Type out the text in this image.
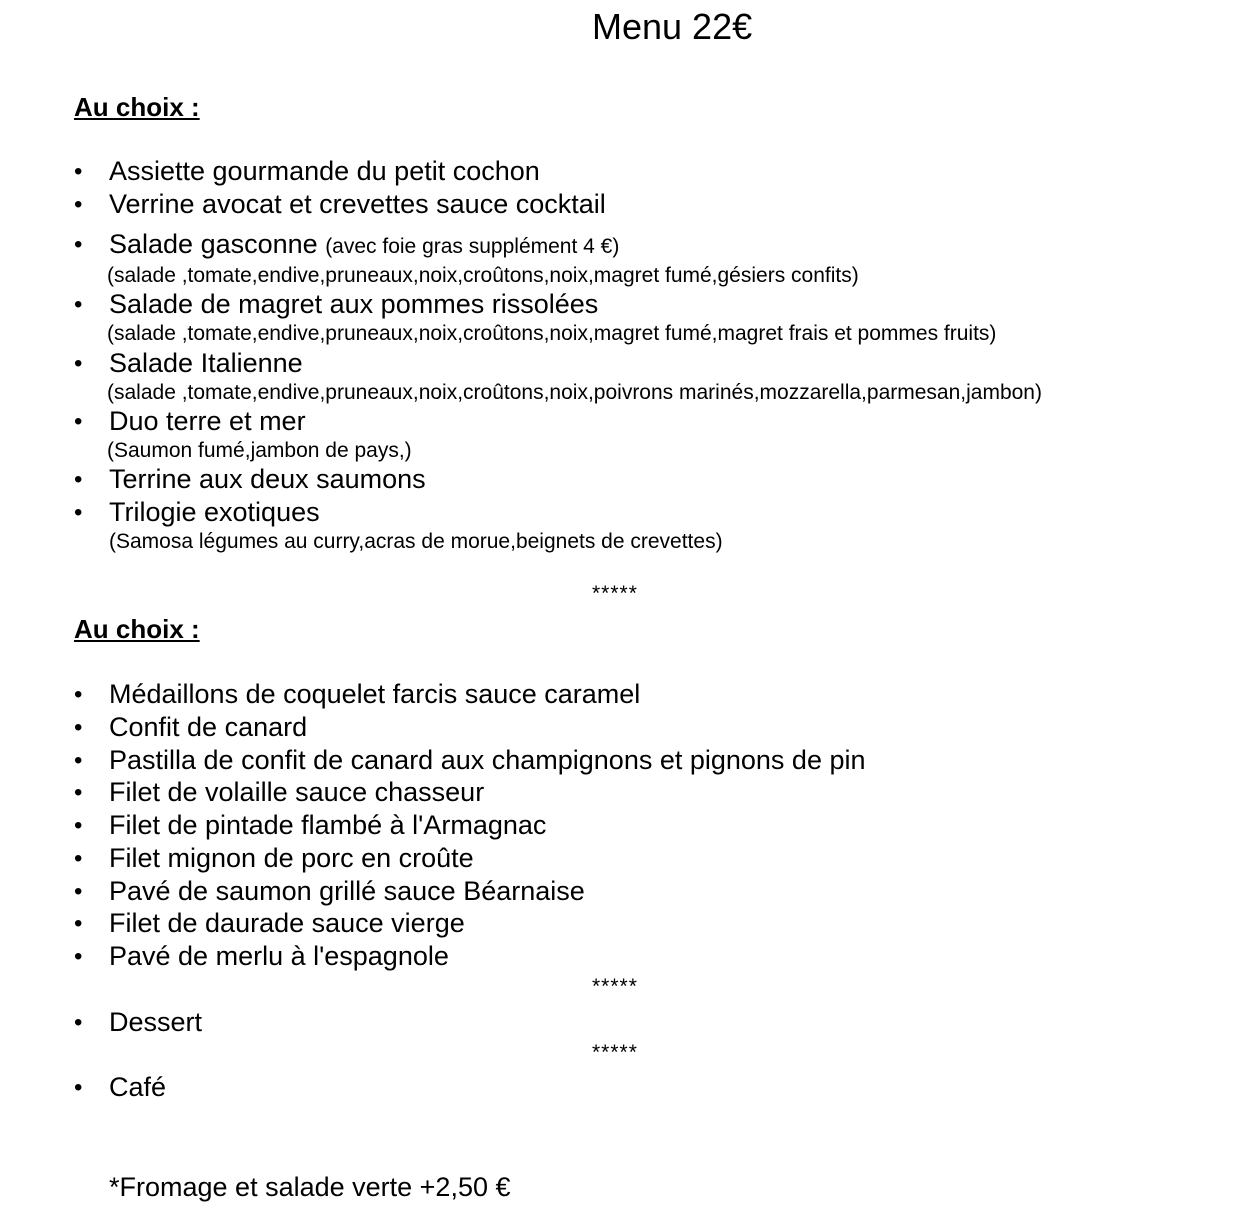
Menu 22€
Au choix :
• Assiette gourmande du petit cochon
• Verrine avocat et crevettes sauce cocktail
• Salade gasconne (avec foie gras supplément 4 €)
(salade ,tomate,endive,pruneaux,noix,croûtons,noix,magret fumé,gésiers confits)
• Salade de magret aux pommes rissolées
(salade ,tomate,endive,pruneaux,noix,croûtons,noix,magret fumé,magret frais et pommes fruits)
• Salade Italienne
(salade ,tomate,endive,pruneaux,noix,croûtons,noix,poivrons marinés,mozzarella,parmesan,jambon)
• Duo terre et mer
(Saumon fumé,jambon de pays,)
• Terrine aux deux saumons
• Trilogie exotiques
(Samosa légumes au curry,acras de morue,beignets de crevettes)
*****
Au choix :
• Médaillons de coquelet farcis sauce caramel
• Confit de canard
• Pastilla de confit de canard aux champignons et pignons de pin
• Filet de volaille sauce chasseur
• Filet de pintade flambé à l'Armagnac
• Filet mignon de porc en croûte
• Pavé de saumon grillé sauce Béarnaise
• Filet de daurade sauce vierge
• Pavé de merlu à l'espagnole
*****
• Dessert
*****
• Café
*Fromage et salade verte +2,50 €
